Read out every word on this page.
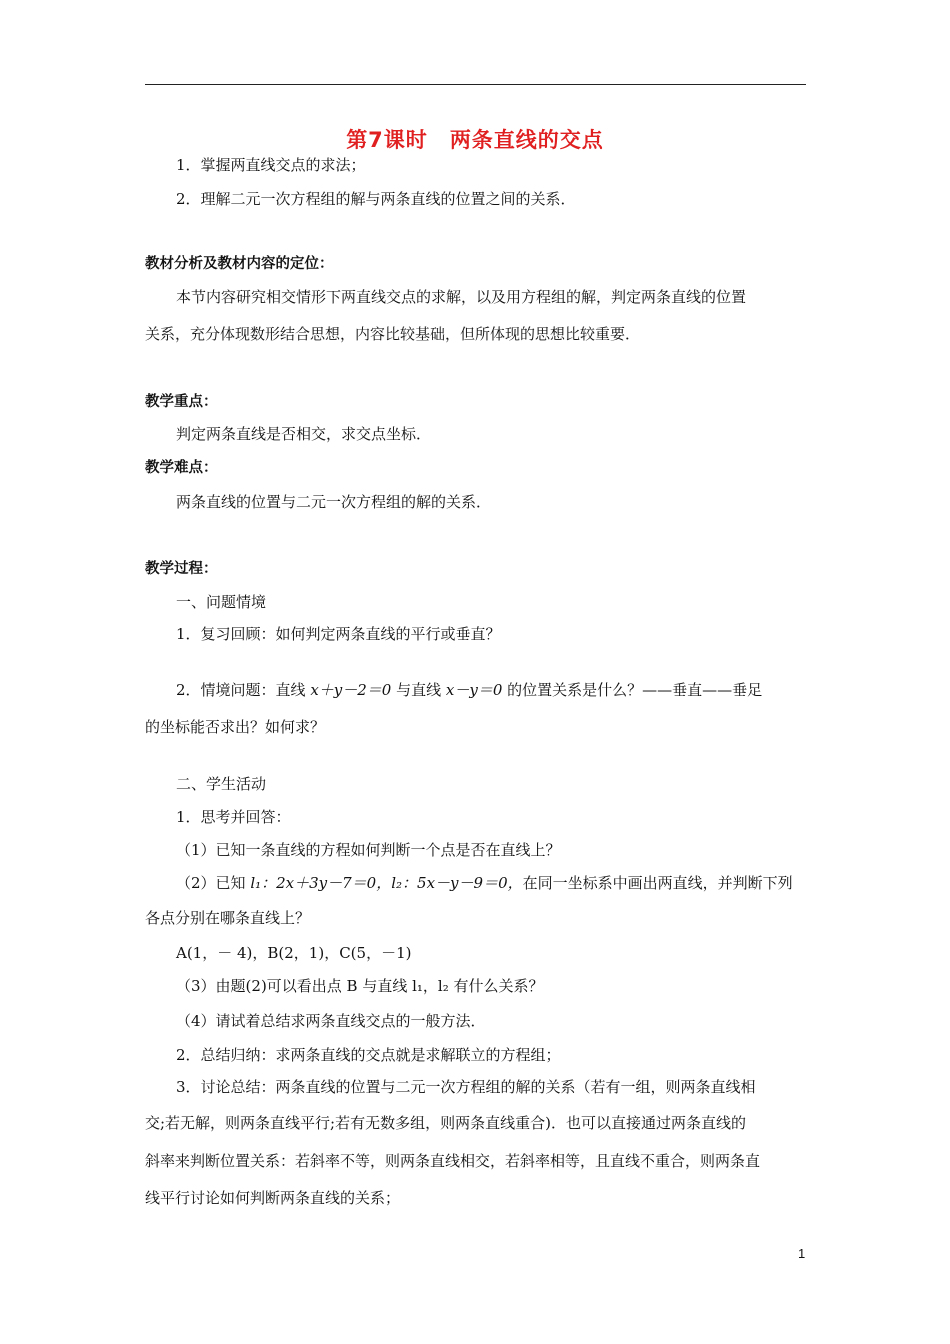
第7课时 两条直线的交点
1．掌握两直线交点的求法；
2．理解二元一次方程组的解与两条直线的位置之间的关系．
教材分析及教材内容的定位：
本节内容研究相交情形下两直线交点的求解，以及用方程组的解，判定两条直线的位置
关系，充分体现数形结合思想，内容比较基础，但所体现的思想比较重要．
教学重点：
判定两条直线是否相交，求交点坐标．
教学难点：
两条直线的位置与二元一次方程组的解的关系．
教学过程：
一、问题情境
1．复习回顾：如何判定两条直线的平行或垂直？
2．情境问题：直线 x＋y－2＝0 与直线 x－y＝0 的位置关系是什么？——垂直——垂足
的坐标能否求出？如何求？
二、学生活动
1．思考并回答：
（1）已知一条直线的方程如何判断一个点是否在直线上？
（2）已知 l₁：2x＋3y－7＝0，l₂：5x－y－9＝0，在同一坐标系中画出两直线，并判断下列
各点分别在哪条直线上？
A(1，－ 4)，B(2，1)，C(5，－1)
（3）由题(2)可以看出点 B 与直线 l₁，l₂ 有什么关系？
（4）请试着总结求两条直线交点的一般方法．
2．总结归纳：求两条直线的交点就是求解联立的方程组；
3．讨论总结：两条直线的位置与二元一次方程组的解的关系（若有一组，则两条直线相
交;若无解，则两条直线平行;若有无数多组，则两条直线重合)．也可以直接通过两条直线的
斜率来判断位置关系：若斜率不等，则两条直线相交，若斜率相等，且直线不重合，则两条直
线平行讨论如何判断两条直线的关系；
1
